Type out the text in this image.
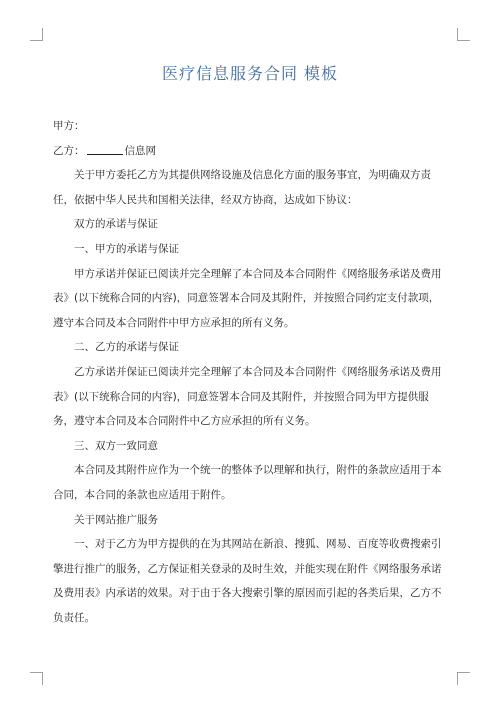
医疗信息服务合同 模板

甲方：

乙方：	信息网

关于甲方委托乙方为其提供网络设施及信息化方面的服务事宜，为明确双方责任，依据中华人民共和国相关法律，经双方协商，达成如下协议：

双方的承诺与保证

一、甲方的承诺与保证

甲方承诺并保证已阅读并完全理解了本合同及本合同附件《网络服务承诺及费用表》(以下统称合同的内容)，同意签署本合同及其附件，并按照合同约定支付款项，遵守本合同及本合同附件中甲方应承担的所有义务。

二、乙方的承诺与保证

乙方承诺并保证已阅读并完全理解了本合同及本合同附件《网络服务承诺及费用表》(以下统称合同的内容)，同意签署本合同及其附件，并按照合同为甲方提供服务，遵守本合同及本合同附件中乙方应承担的所有义务。

三、双方一致同意

本合同及其附件应作为一个统一的整体予以理解和执行，附件的条款应适用于本合同，本合同的条款也应适用于附件。

关于网站推广服务

一、对于乙方为甲方提供的在为其网站在新浪、搜狐、网易、百度等收费搜索引擎进行推广的服务，乙方保证相关登录的及时生效，并能实现在附件《网络服务承诺及费用表》内承诺的效果。对于由于各大搜索引擎的原因而引起的各类后果，乙方不负责任。
